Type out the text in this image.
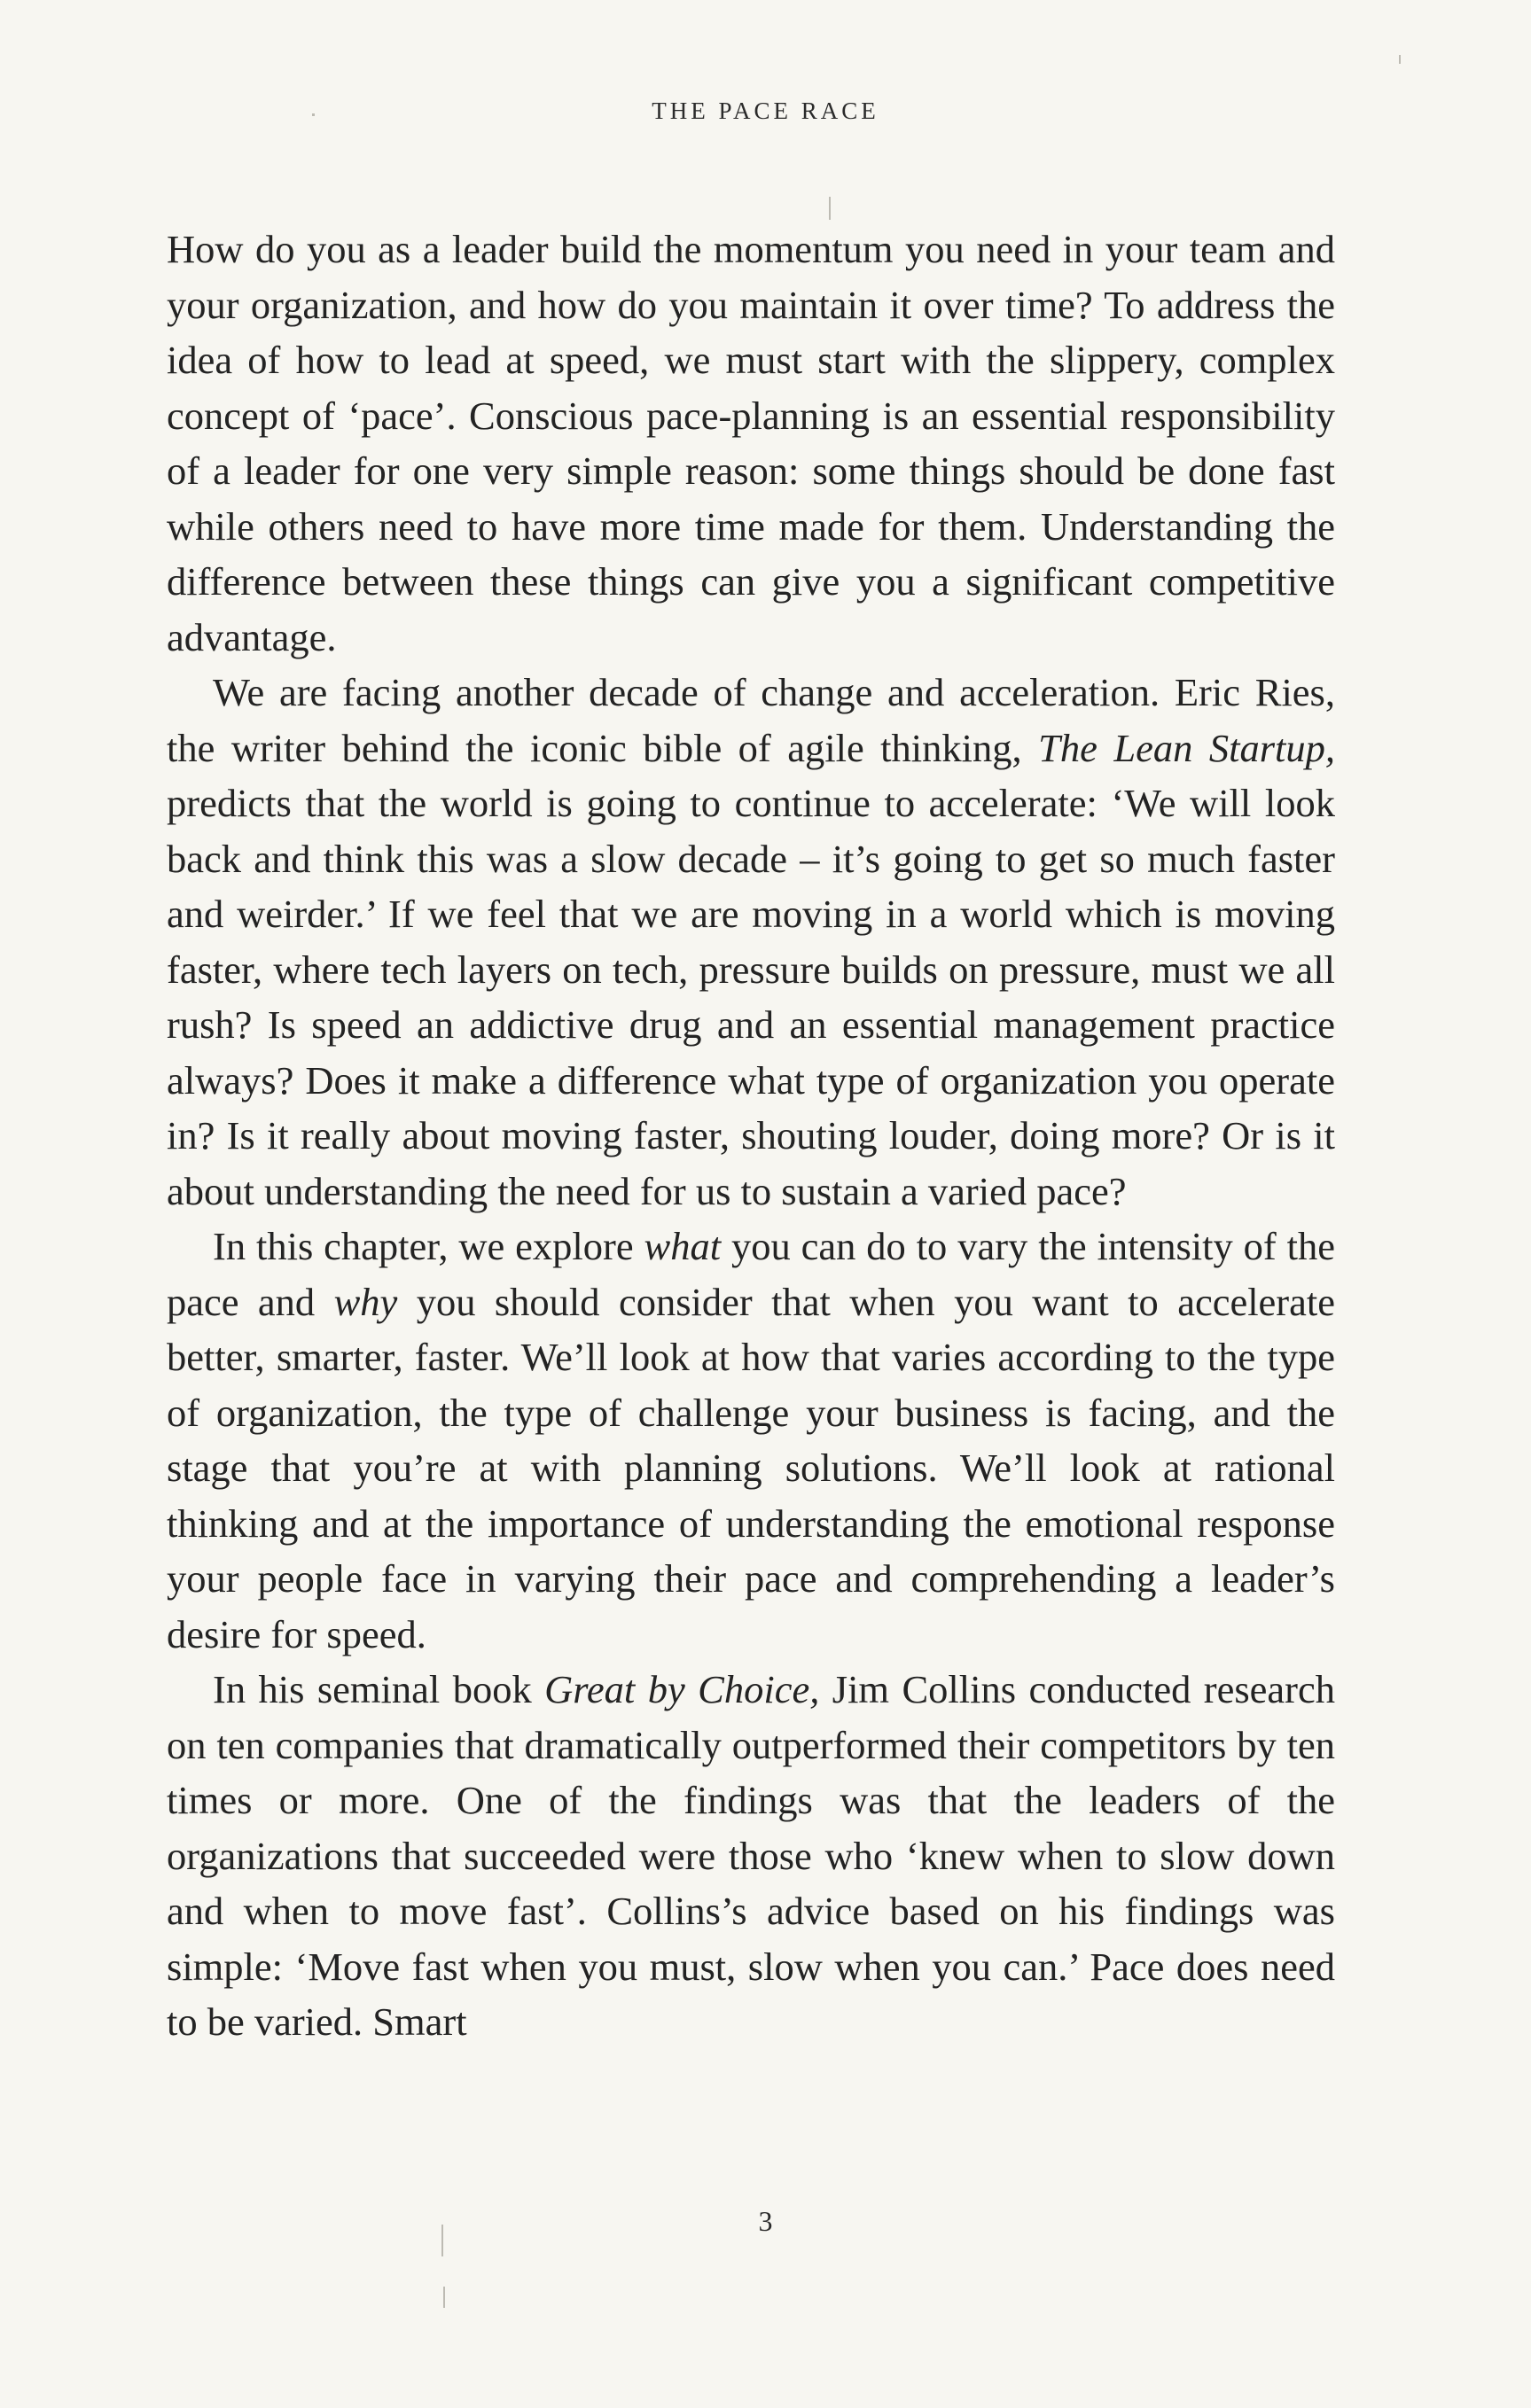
THE PACE RACE

How do you as a leader build the momentum you need in your team and your organization, and how do you maintain it over time? To address the idea of how to lead at speed, we must start with the slippery, complex concept of ‘pace’. Conscious pace-planning is an essential responsibility of a leader for one very simple reason: some things should be done fast while others need to have more time made for them. Understanding the difference between these things can give you a significant competitive advantage.

We are facing another decade of change and acceleration. Eric Ries, the writer behind the iconic bible of agile thinking, The Lean Startup, predicts that the world is going to continue to accelerate: ‘We will look back and think this was a slow decade – it’s going to get so much faster and weirder.’ If we feel that we are moving in a world which is moving faster, where tech layers on tech, pressure builds on pressure, must we all rush? Is speed an addictive drug and an essential management practice always? Does it make a difference what type of organization you operate in? Is it really about moving faster, shouting louder, doing more? Or is it about understanding the need for us to sustain a varied pace?

In this chapter, we explore what you can do to vary the intensity of the pace and why you should consider that when you want to accelerate better, smarter, faster. We’ll look at how that varies according to the type of organization, the type of challenge your business is facing, and the stage that you’re at with planning solutions. We’ll look at rational thinking and at the importance of understanding the emotional response your people face in varying their pace and comprehending a leader’s desire for speed.

In his seminal book Great by Choice, Jim Collins conducted research on ten companies that dramatically outperformed their competitors by ten times or more. One of the findings was that the leaders of the organizations that succeeded were those who ‘knew when to slow down and when to move fast’. Collins’s advice based on his findings was simple: ‘Move fast when you must, slow when you can.’ Pace does need to be varied. Smart

3
